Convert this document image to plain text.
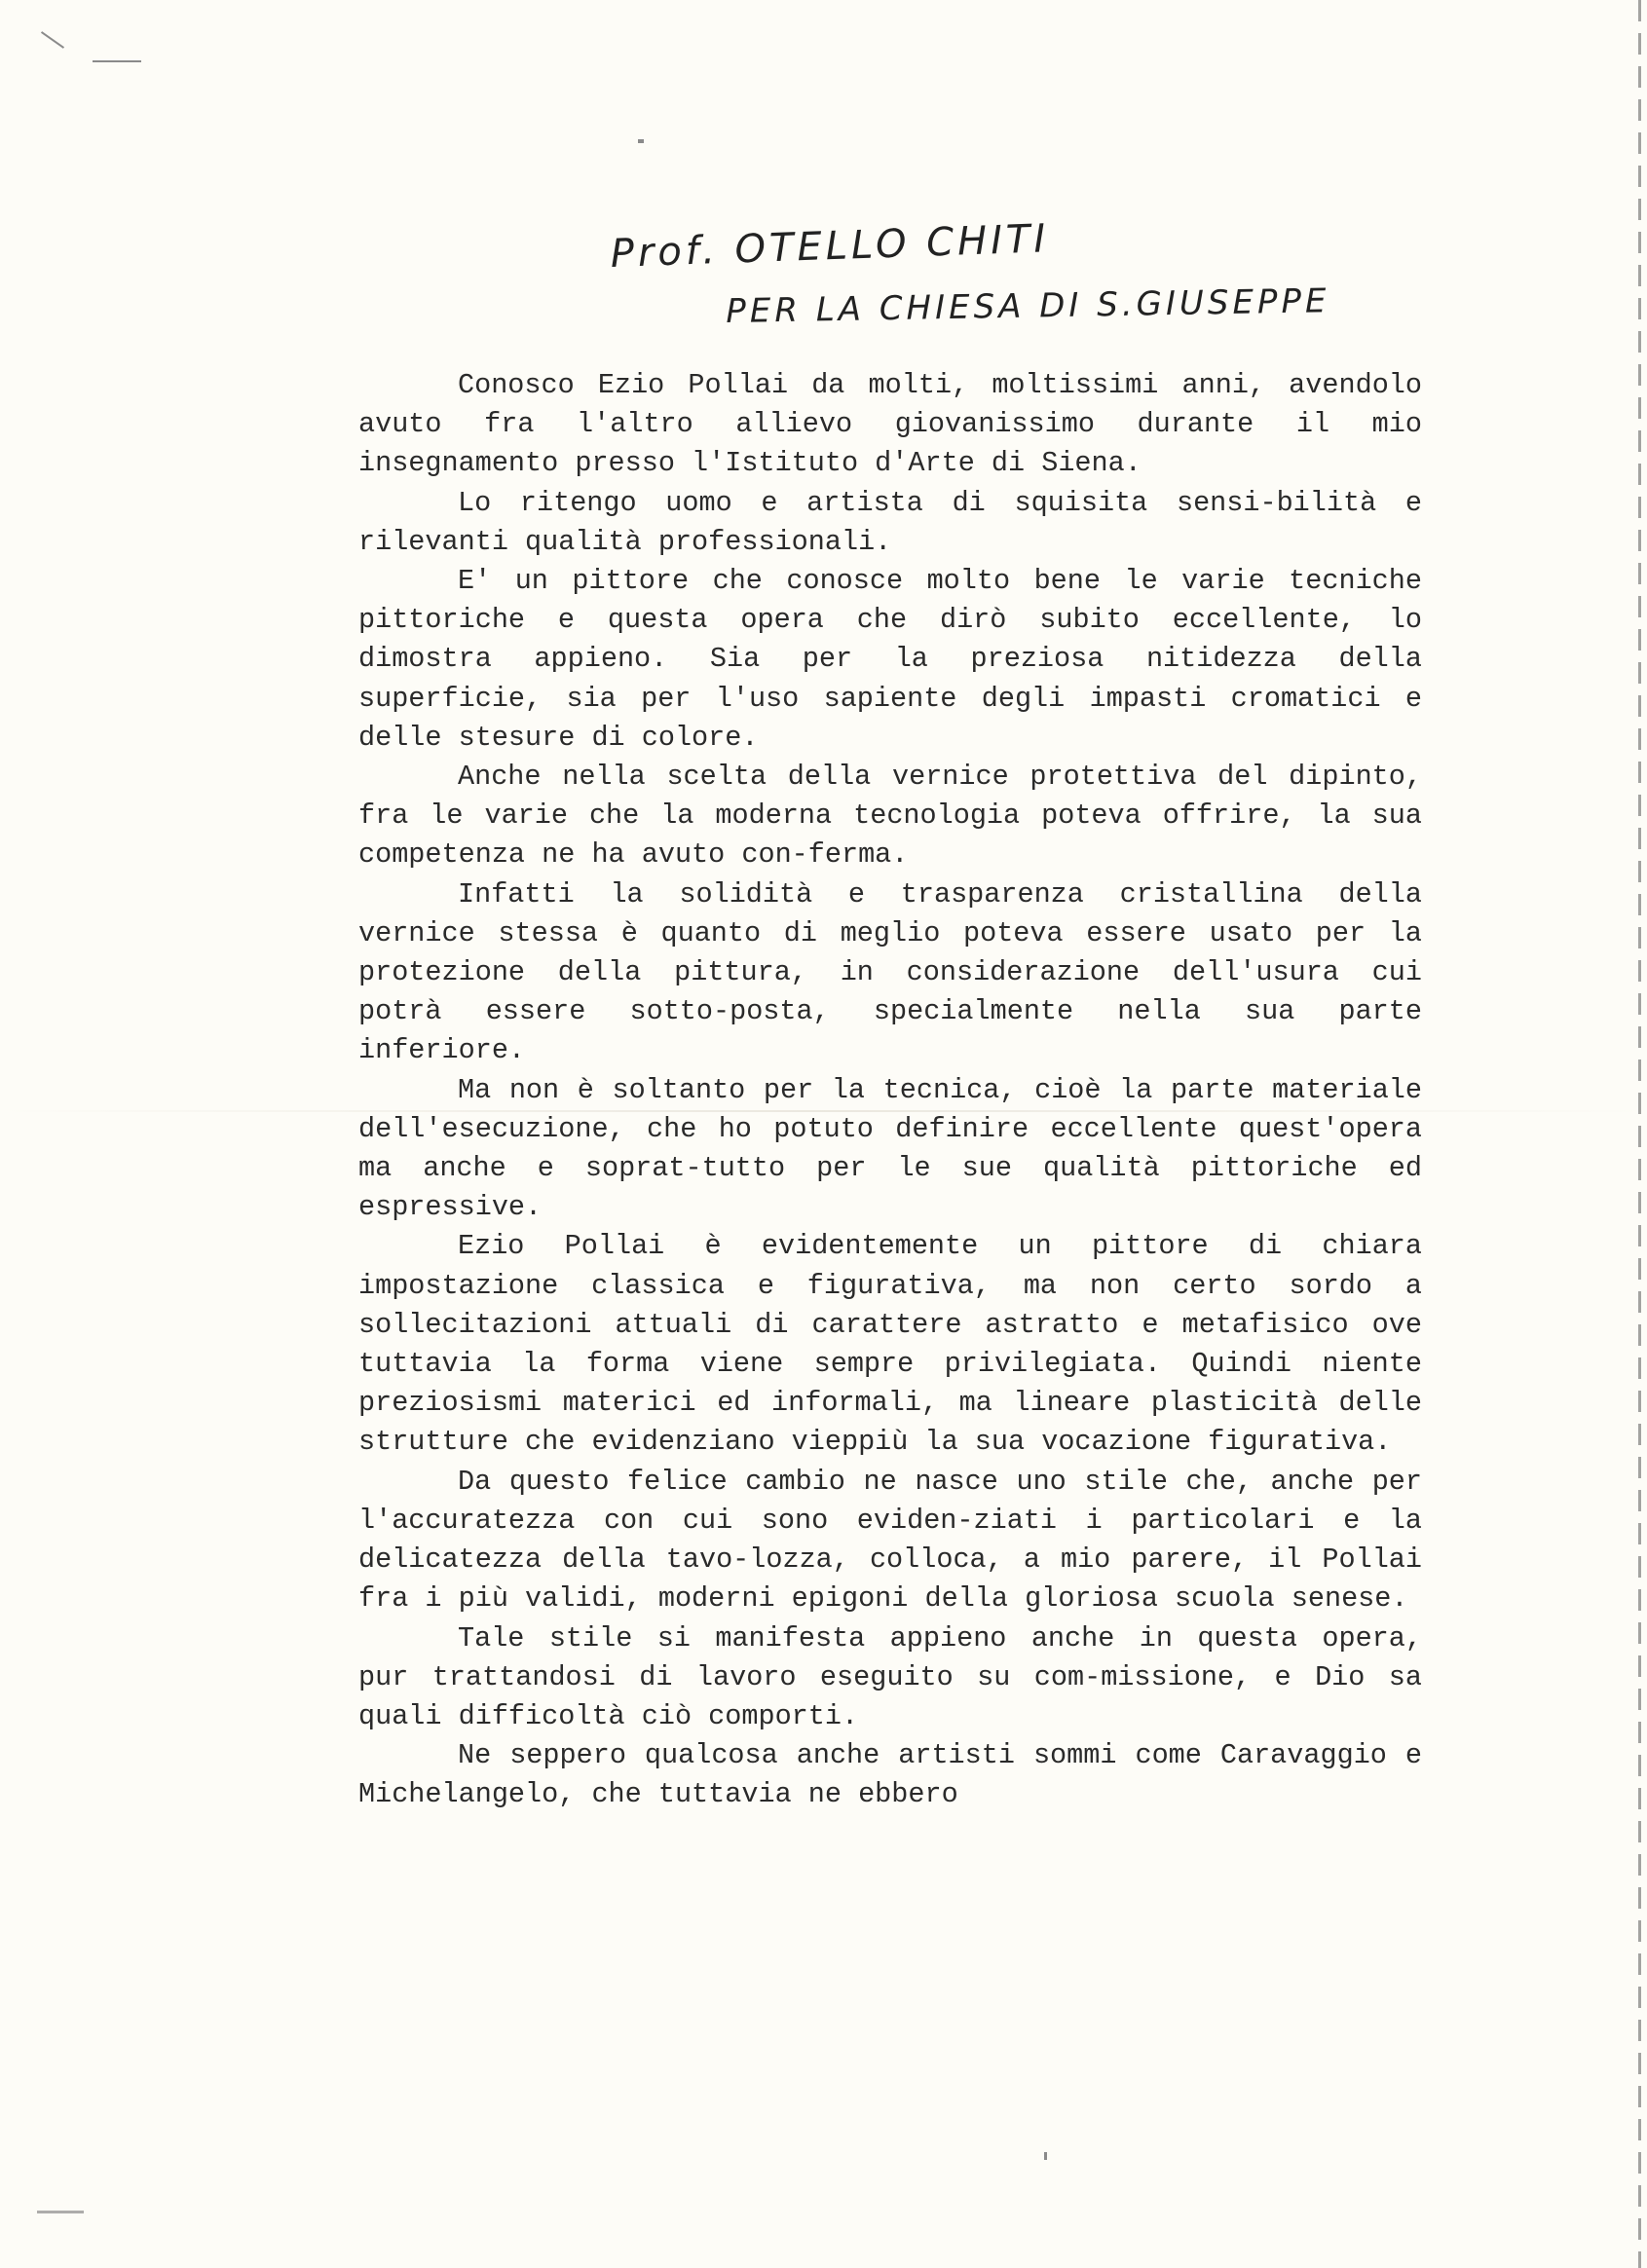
Prof. OTELLO CHITI
PER LA CHIESA DI S.GIUSEPPE

Conosco Ezio Pollai da molti, moltissimi anni, avendolo avuto fra l'altro allievo giovanissimo durante il mio insegnamento presso l'Istituto d'Arte di Siena.

Lo ritengo uomo e artista di squisita sensi-bilità e rilevanti qualità professionali.

E' un pittore che conosce molto bene le varie tecniche pittoriche e questa opera che dirò subito eccellente, lo dimostra appieno. Sia per la preziosa nitidezza della superficie, sia per l'uso sapiente degli impasti cromatici e delle stesure di colore.

Anche nella scelta della vernice protettiva del dipinto, fra le varie che la moderna tecnologia poteva offrire, la sua competenza ne ha avuto con-ferma.

Infatti la solidità e trasparenza cristallina della vernice stessa è quanto di meglio poteva essere usato per la protezione della pittura, in considerazione dell'usura cui potrà essere sotto-posta, specialmente nella sua parte inferiore.

Ma non è soltanto per la tecnica, cioè la parte materiale dell'esecuzione, che ho potuto definire eccellente quest'opera ma anche e soprat-tutto per le sue qualità pittoriche ed espressive.

Ezio Pollai è evidentemente un pittore di chiara impostazione classica e figurativa, ma non certo sordo a sollecitazioni attuali di carattere astratto e metafisico ove tuttavia la forma viene sempre privilegiata. Quindi niente preziosismi materici ed informali, ma lineare plasticità delle strutture che evidenziano vieppiù la sua vocazione figurativa.

Da questo felice cambio ne nasce uno stile che, anche per l'accuratezza con cui sono eviden-ziati i particolari e la delicatezza della tavo-lozza, colloca, a mio parere, il Pollai fra i più validi, moderni epigoni della gloriosa scuola senese.

Tale stile si manifesta appieno anche in questa opera, pur trattandosi di lavoro eseguito su com-missione, e Dio sa quali difficoltà ciò comporti.

Ne seppero qualcosa anche artisti sommi come Caravaggio e Michelangelo, che tuttavia ne ebbero
